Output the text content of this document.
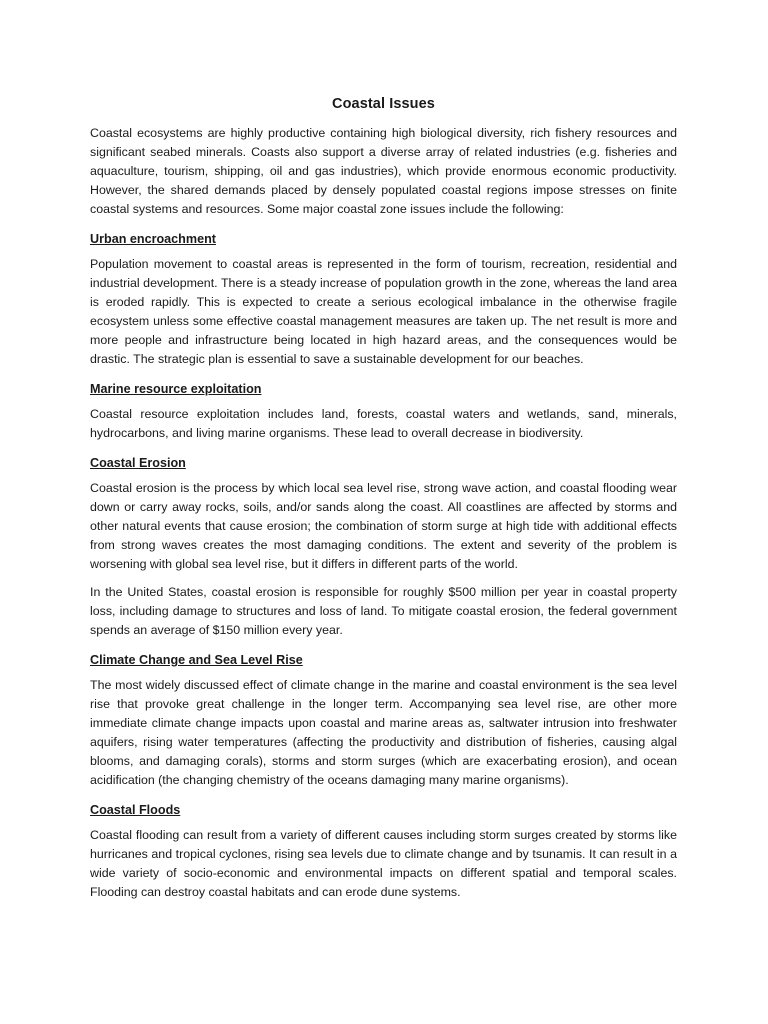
Coastal Issues

Coastal ecosystems are highly productive containing high biological diversity, rich fishery resources and significant seabed minerals. Coasts also support a diverse array of related industries (e.g. fisheries and aquaculture, tourism, shipping, oil and gas industries), which provide enormous economic productivity. However, the shared demands placed by densely populated coastal regions impose stresses on finite coastal systems and resources. Some major coastal zone issues include the following:

Urban encroachment

Population movement to coastal areas is represented in the form of tourism, recreation, residential and industrial development. There is a steady increase of population growth in the zone, whereas the land area is eroded rapidly. This is expected to create a serious ecological imbalance in the otherwise fragile ecosystem unless some effective coastal management measures are taken up. The net result is more and more people and infrastructure being located in high hazard areas, and the consequences would be drastic. The strategic plan is essential to save a sustainable development for our beaches.

Marine resource exploitation

Coastal resource exploitation includes land, forests, coastal waters and wetlands, sand, minerals, hydrocarbons, and living marine organisms. These lead to overall decrease in biodiversity.

Coastal Erosion

Coastal erosion is the process by which local sea level rise, strong wave action, and coastal flooding wear down or carry away rocks, soils, and/or sands along the coast. All coastlines are affected by storms and other natural events that cause erosion; the combination of storm surge at high tide with additional effects from strong waves creates the most damaging conditions. The extent and severity of the problem is worsening with global sea level rise, but it differs in different parts of the world.

In the United States, coastal erosion is responsible for roughly $500 million per year in coastal property loss, including damage to structures and loss of land. To mitigate coastal erosion, the federal government spends an average of $150 million every year.

Climate Change and Sea Level Rise

The most widely discussed effect of climate change in the marine and coastal environment is the sea level rise that provoke great challenge in the longer term. Accompanying sea level rise, are other more immediate climate change impacts upon coastal and marine areas as, saltwater intrusion into freshwater aquifers, rising water temperatures (affecting the productivity and distribution of fisheries, causing algal blooms, and damaging corals), storms and storm surges (which are exacerbating erosion), and ocean acidification (the changing chemistry of the oceans damaging many marine organisms).

Coastal Floods

Coastal flooding can result from a variety of different causes including storm surges created by storms like hurricanes and tropical cyclones, rising sea levels due to climate change and by tsunamis. It can result in a wide variety of socio-economic and environmental impacts on different spatial and temporal scales. Flooding can destroy coastal habitats and can erode dune systems.
